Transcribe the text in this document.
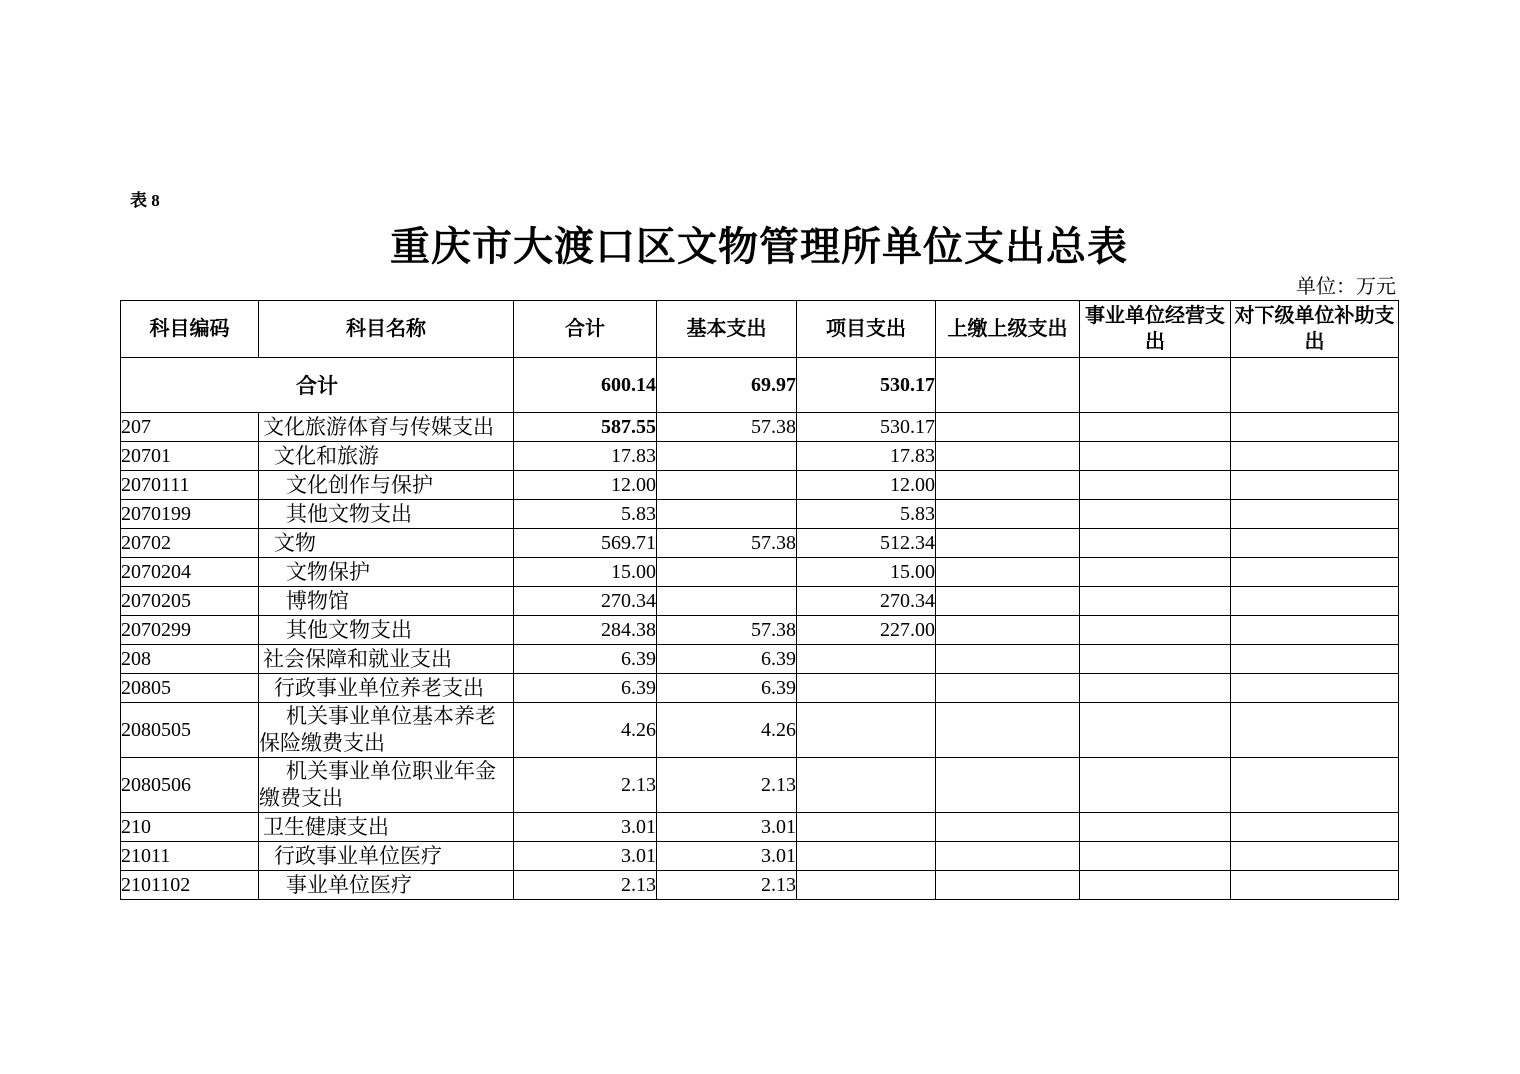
表 8
重庆市大渡口区文物管理所单位支出总表
单位：万元
科目编码	科目名称	合计	基本支出	项目支出	上缴上级支出	事业单位经营支出	对下级单位补助支出
合计		600.14	69.97	530.17			
207	文化旅游体育与传媒支出	587.55	57.38	530.17			
20701	文化和旅游	17.83		17.83			
2070111	文化创作与保护	12.00		12.00			
2070199	其他文物支出	5.83		5.83			
20702	文物	569.71	57.38	512.34			
2070204	文物保护	15.00		15.00			
2070205	博物馆	270.34		270.34			
2070299	其他文物支出	284.38	57.38	227.00			
208	社会保障和就业支出	6.39	6.39				
20805	行政事业单位养老支出	6.39	6.39				
2080505	机关事业单位基本养老保险缴费支出	4.26	4.26				
2080506	机关事业单位职业年金缴费支出	2.13	2.13				
210	卫生健康支出	3.01	3.01				
21011	行政事业单位医疗	3.01	3.01				
2101102	事业单位医疗	2.13	2.13				
